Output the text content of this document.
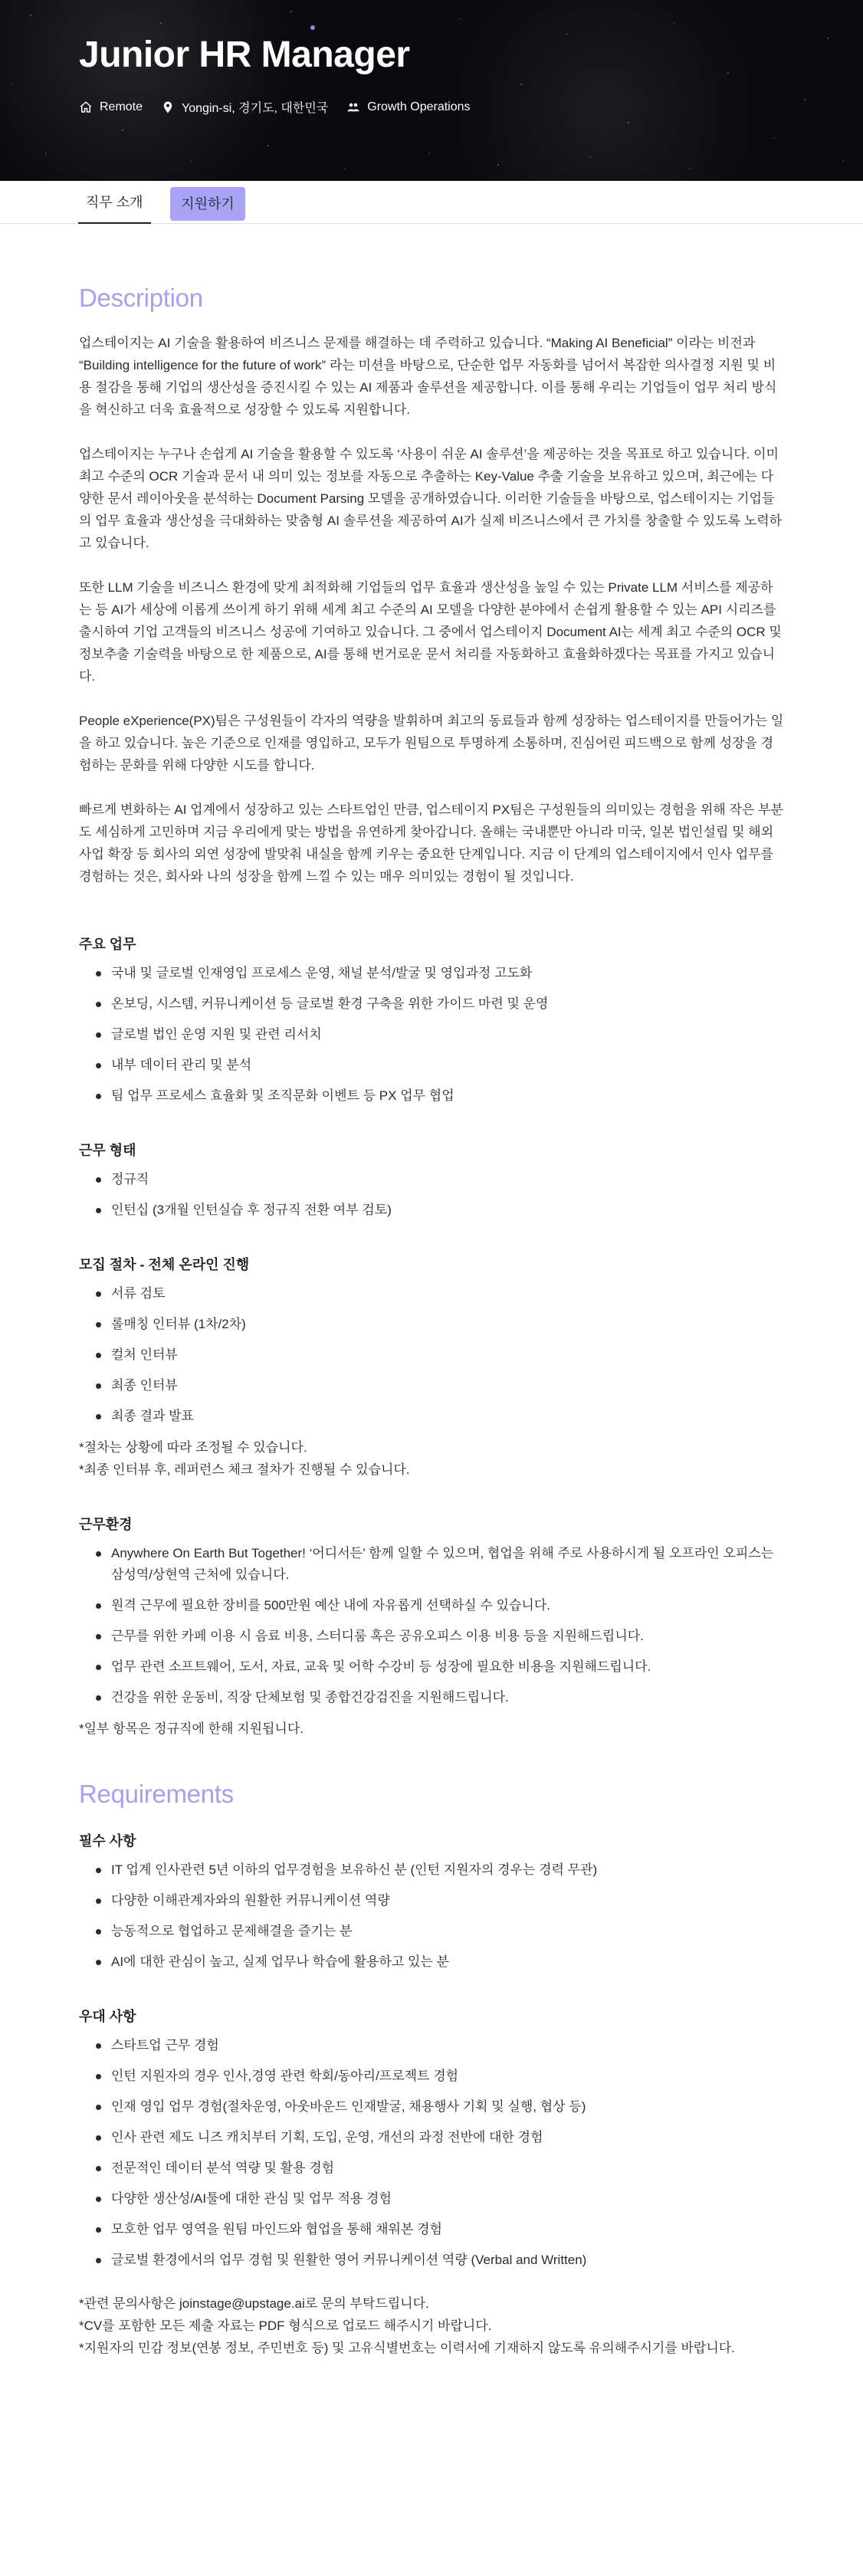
Junior HR Manager
Remote	Yongin-si, 경기도, 대한민국	Growth Operations
직무 소개	지원하기
Description

업스테이지는 AI 기술을 활용하여 비즈니스 문제를 해결하는 데 주력하고 있습니다. “Making AI Beneficial” 이라는 비전과 “Building intelligence for the future of work” 라는 미션을 바탕으로, 단순한 업무 자동화를 넘어서 복잡한 의사결정 지원 및 비용 절감을 통해 기업의 생산성을 증진시킬 수 있는 AI 제품과 솔루션을 제공합니다. 이를 통해 우리는 기업들이 업무 처리 방식을 혁신하고 더욱 효율적으로 성장할 수 있도록 지원합니다.

업스테이지는 누구나 손쉽게 AI 기술을 활용할 수 있도록 ‘사용이 쉬운 AI 솔루션’을 제공하는 것을 목표로 하고 있습니다. 이미 최고 수준의 OCR 기술과 문서 내 의미 있는 정보를 자동으로 추출하는 Key-Value 추출 기술을 보유하고 있으며, 최근에는 다양한 문서 레이아웃을 분석하는 Document Parsing 모델을 공개하였습니다. 이러한 기술들을 바탕으로, 업스테이지는 기업들의 업무 효율과 생산성을 극대화하는 맞춤형 AI 솔루션을 제공하여 AI가 실제 비즈니스에서 큰 가치를 창출할 수 있도록 노력하고 있습니다.

또한 LLM 기술을 비즈니스 환경에 맞게 최적화해 기업들의 업무 효율과 생산성을 높일 수 있는 Private LLM 서비스를 제공하는 등 AI가 세상에 이롭게 쓰이게 하기 위해 세계 최고 수준의 AI 모델을 다양한 분야에서 손쉽게 활용할 수 있는 API 시리즈를 출시하여 기업 고객들의 비즈니스 성공에 기여하고 있습니다. 그 중에서 업스테이지 Document AI는 세계 최고 수준의 OCR 및 정보추출 기술력을 바탕으로 한 제품으로, AI를 통해 번거로운 문서 처리를 자동화하고 효율화하겠다는 목표를 가지고 있습니다.

People eXperience(PX)팀은 구성원들이 각자의 역량을 발휘하며 최고의 동료들과 함께 성장하는 업스테이지를 만들어가는 일을 하고 있습니다. 높은 기준으로 인재를 영입하고, 모두가 원팀으로 투명하게 소통하며, 진심어린 피드백으로 함께 성장을 경험하는 문화를 위해 다양한 시도를 합니다.

빠르게 변화하는 AI 업계에서 성장하고 있는 스타트업인 만큼, 업스테이지 PX팀은 구성원들의 의미있는 경험을 위해 작은 부분도 세심하게 고민하며 지금 우리에게 맞는 방법을 유연하게 찾아갑니다. 올해는 국내뿐만 아니라 미국, 일본 법인설립 및 해외 사업 확장 등 회사의 외연 성장에 발맞춰 내실을 함께 키우는 중요한 단계입니다. 지금 이 단계의 업스테이지에서 인사 업무를 경험하는 것은, 회사와 나의 성장을 함께 느낄 수 있는 매우 의미있는 경험이 될 것입니다.

주요 업무
국내 및 글로벌 인재영입 프로세스 운영, 채널 분석/발굴 및 영입과정 고도화
온보딩, 시스템, 커뮤니케이션 등 글로벌 환경 구축을 위한 가이드 마련 및 운영
글로벌 법인 운영 지원 및 관련 리서치
내부 데이터 관리 및 분석
팀 업무 프로세스 효율화 및 조직문화 이벤트 등 PX 업무 협업
근무 형태
정규직
인턴십 (3개월 인턴실습 후 정규직 전환 여부 검토)
모집 절차 - 전체 온라인 진행
서류 검토
롤매칭 인터뷰 (1차/2차)
컬처 인터뷰
최종 인터뷰
최종 결과 발표

*절차는 상황에 따라 조정될 수 있습니다.

*최종 인터뷰 후, 레퍼런스 체크 절차가 진행될 수 있습니다.

근무환경
Anywhere On Earth But Together! ‘어디서든’ 함께 일할 수 있으며, 협업을 위해 주로 사용하시게 될 오프라인 오피스는 삼성역/상현역 근처에 있습니다.
원격 근무에 필요한 장비를 500만원 예산 내에 자유롭게 선택하실 수 있습니다.
근무를 위한 카페 이용 시 음료 비용, 스터디룸 혹은 공유오피스 이용 비용 등을 지원해드립니다.
업무 관련 소프트웨어, 도서, 자료, 교육 및 어학 수강비 등 성장에 필요한 비용을 지원해드립니다.
건강을 위한 운동비, 직장 단체보험 및 종합건강검진을 지원해드립니다.

*일부 항목은 정규직에 한해 지원됩니다.

Requirements
필수 사항
IT 업계 인사관련 5년 이하의 업무경험을 보유하신 분 (인턴 지원자의 경우는 경력 무관)
다양한 이해관계자와의 원활한 커뮤니케이션 역량
능동적으로 협업하고 문제해결을 즐기는 분
AI에 대한 관심이 높고, 실제 업무나 학습에 활용하고 있는 분
우대 사항
스타트업 근무 경험
인턴 지원자의 경우 인사,경영 관련 학회/동아리/프로젝트 경험
인재 영입 업무 경험(절차운영, 아웃바운드 인재발굴, 채용행사 기획 및 실행, 협상 등)
인사 관련 제도 니즈 캐치부터 기획, 도입, 운영, 개선의 과정 전반에 대한 경험
전문적인 데이터 분석 역량 및 활용 경험
다양한 생산성/AI툴에 대한 관심 및 업무 적용 경험
모호한 업무 영역을 원팀 마인드와 협업을 통해 채워본 경험
글로벌 환경에서의 업무 경험 및 원활한 영어 커뮤니케이션 역량 (Verbal and Written)

*관련 문의사항은 joinstage@upstage.ai로 문의 부탁드립니다.

*CV를 포함한 모든 제출 자료는 PDF 형식으로 업로드 해주시기 바랍니다.

*지원자의 민감 정보(연봉 정보, 주민번호 등) 및 고유식별번호는 이력서에 기재하지 않도록 유의해주시기를 바랍니다.
